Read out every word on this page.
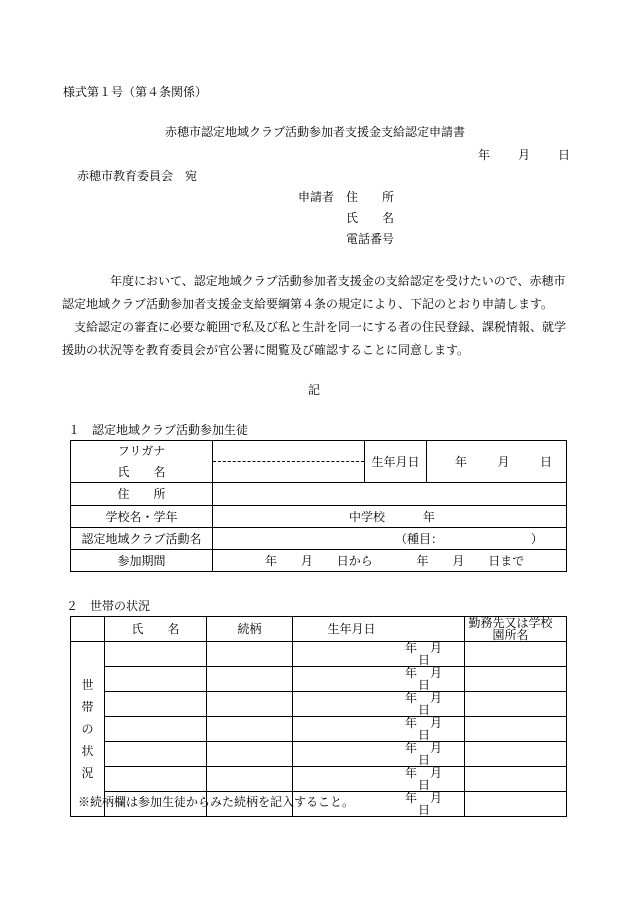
様式第１号（第４条関係）
赤穂市認定地域クラブ活動参加者支援金支給認定申請書
年 月 日
赤穂市教育委員会　宛
申請者 住　　所
氏　　名
電話番号
　　　　年度において、認定地域クラブ活動参加者支援金の支給認定を受けたいので、赤穂市認定地域クラブ活動参加者支援金支給要綱第４条の規定により、下記のとおり申請します。
　支給認定の審査に必要な範囲で私及び私と生計を同一にする者の住民登録、課税情報、就学援助の状況等を教育委員会が官公署に閲覧及び確認することに同意します。
記
１　認定地域クラブ活動参加生徒
フリガナ		生年月日	年 月 日

氏　　名			
住　　所			
学校名・学年	中学校 年		
認定地域クラブ活動名	（種目： ）		
参加期間	年 月 日から 年 月 日まで		
２　世帯の状況
	氏　　名	続柄	生年月日	勤務先又は学校園所名

世
帯
の
状
況			年 月日	

			年 月日	

			年 月日	

			年 月日	

			年 月日	

			年 月日	

			年 月日	

※続柄欄は参加生徒からみた続柄を記入すること。
